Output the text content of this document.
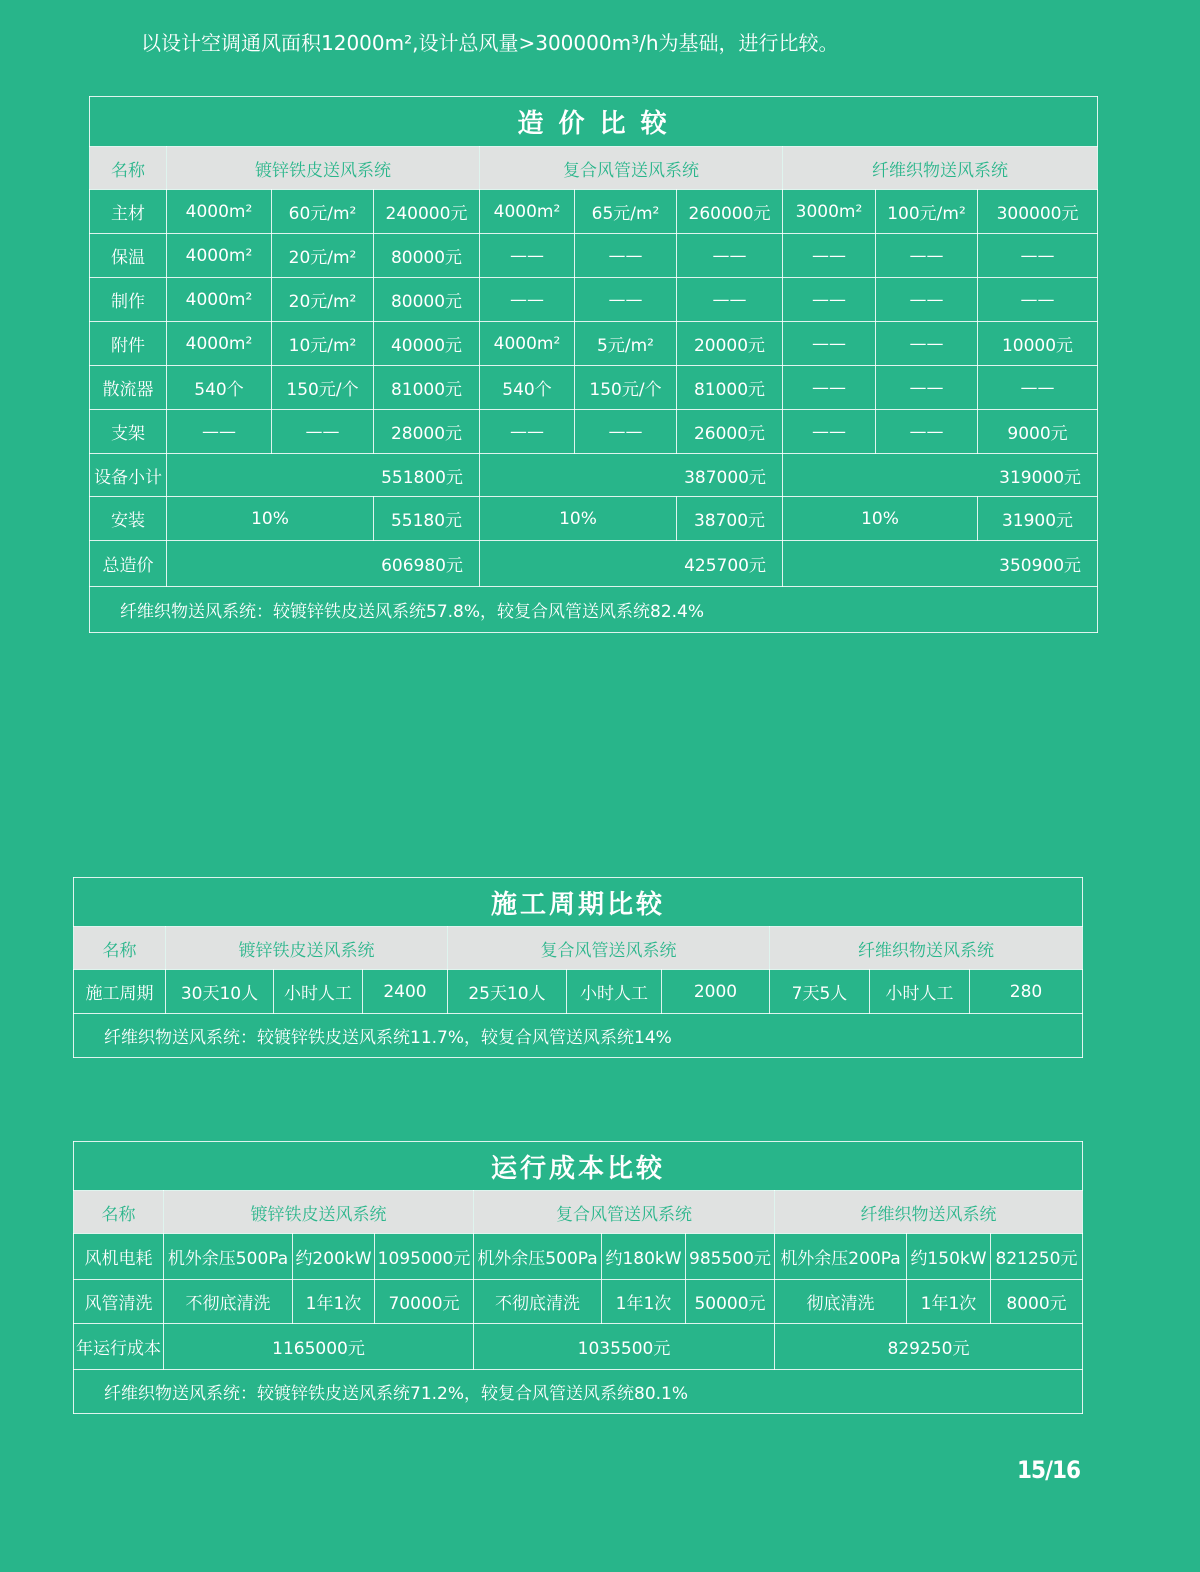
以设计空调通风面积12000m²,设计总风量>300000m³/h为基础，进行比较。
造 价 比 较									
名称	镀锌铁皮送风系统			复合风管送风系统			纤维织物送风系统		
主材	4000m²	60元/m²	240000元	4000m²	65元/m²	260000元	3000m²	100元/m²	300000元
保温	4000m²	20元/m²	80000元	——	——	——	——	——	——
制作	4000m²	20元/m²	80000元	——	——	——	——	——	——
附件	4000m²	10元/m²	40000元	4000m²	5元/m²	20000元	——	——	10000元
散流器	540个	150元/个	81000元	540个	150元/个	81000元	——	——	——
支架	——	——	28000元	——	——	26000元	——	——	9000元
设备小计	551800元			387000元			319000元		
安装	10%		55180元	10%		38700元	10%		31900元
总造价	606980元			425700元			350900元		
纤维织物送风系统：较镀锌铁皮送风系统57.8%，较复合风管送风系统82.4%									
施工周期比较									
名称	镀锌铁皮送风系统			复合风管送风系统			纤维织物送风系统		
施工周期	30天10人	小时人工	2400	25天10人	小时人工	2000	7天5人	小时人工	280
纤维织物送风系统：较镀锌铁皮送风系统11.7%，较复合风管送风系统14%									
运行成本比较									
名称	镀锌铁皮送风系统			复合风管送风系统			纤维织物送风系统		
风机电耗	机外余压500Pa	约200kW	1095000元	机外余压500Pa	约180kW	985500元	机外余压200Pa	约150kW	821250元
风管清洗	不彻底清洗	1年1次	70000元	不彻底清洗	1年1次	50000元	彻底清洗	1年1次	8000元
年运行成本	1165000元			1035500元			829250元		
纤维织物送风系统：较镀锌铁皮送风系统71.2%，较复合风管送风系统80.1%									
15/16
